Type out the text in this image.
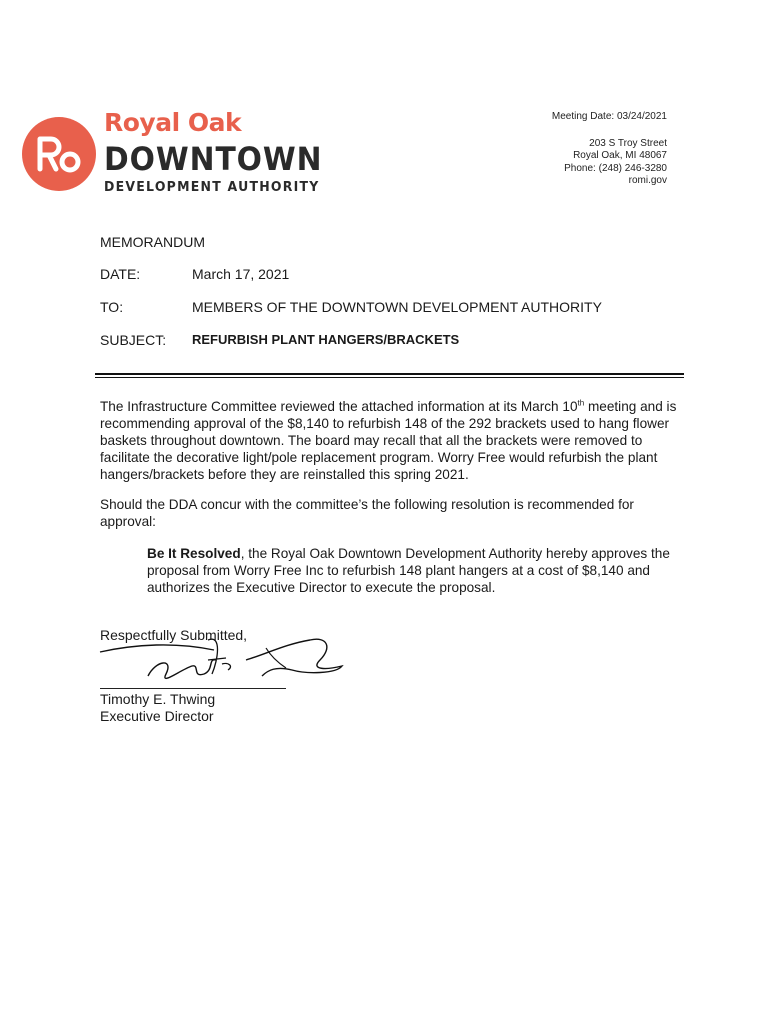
Royal Oak
DOWNTOWN
DEVELOPMENT AUTHORITY
Meeting Date: 03/24/2021
203 S Troy Street
Royal Oak, MI 48067
Phone: (248) 246-3280
romi.gov
MEMORANDUM
DATE:	March 17, 2021
TO:	MEMBERS OF THE DOWNTOWN DEVELOPMENT AUTHORITY
SUBJECT: REFURBISH PLANT HANGERS/BRACKETS
The Infrastructure Committee reviewed the attached information at its March 10th meeting and is recommending approval of the $8,140 to refurbish 148 of the 292 brackets used to hang flower baskets throughout downtown. The board may recall that all the brackets were removed to facilitate the decorative light/pole replacement program. Worry Free would refurbish the plant hangers/brackets before they are reinstalled this spring 2021.
Should the DDA concur with the committee’s the following resolution is recommended for approval:
Be It Resolved, the Royal Oak Downtown Development Authority hereby approves the proposal from Worry Free Inc to refurbish 148 plant hangers at a cost of $8,140 and authorizes the Executive Director to execute the proposal.
Respectfully Submitted,
Timothy E. Thwing
Executive Director
